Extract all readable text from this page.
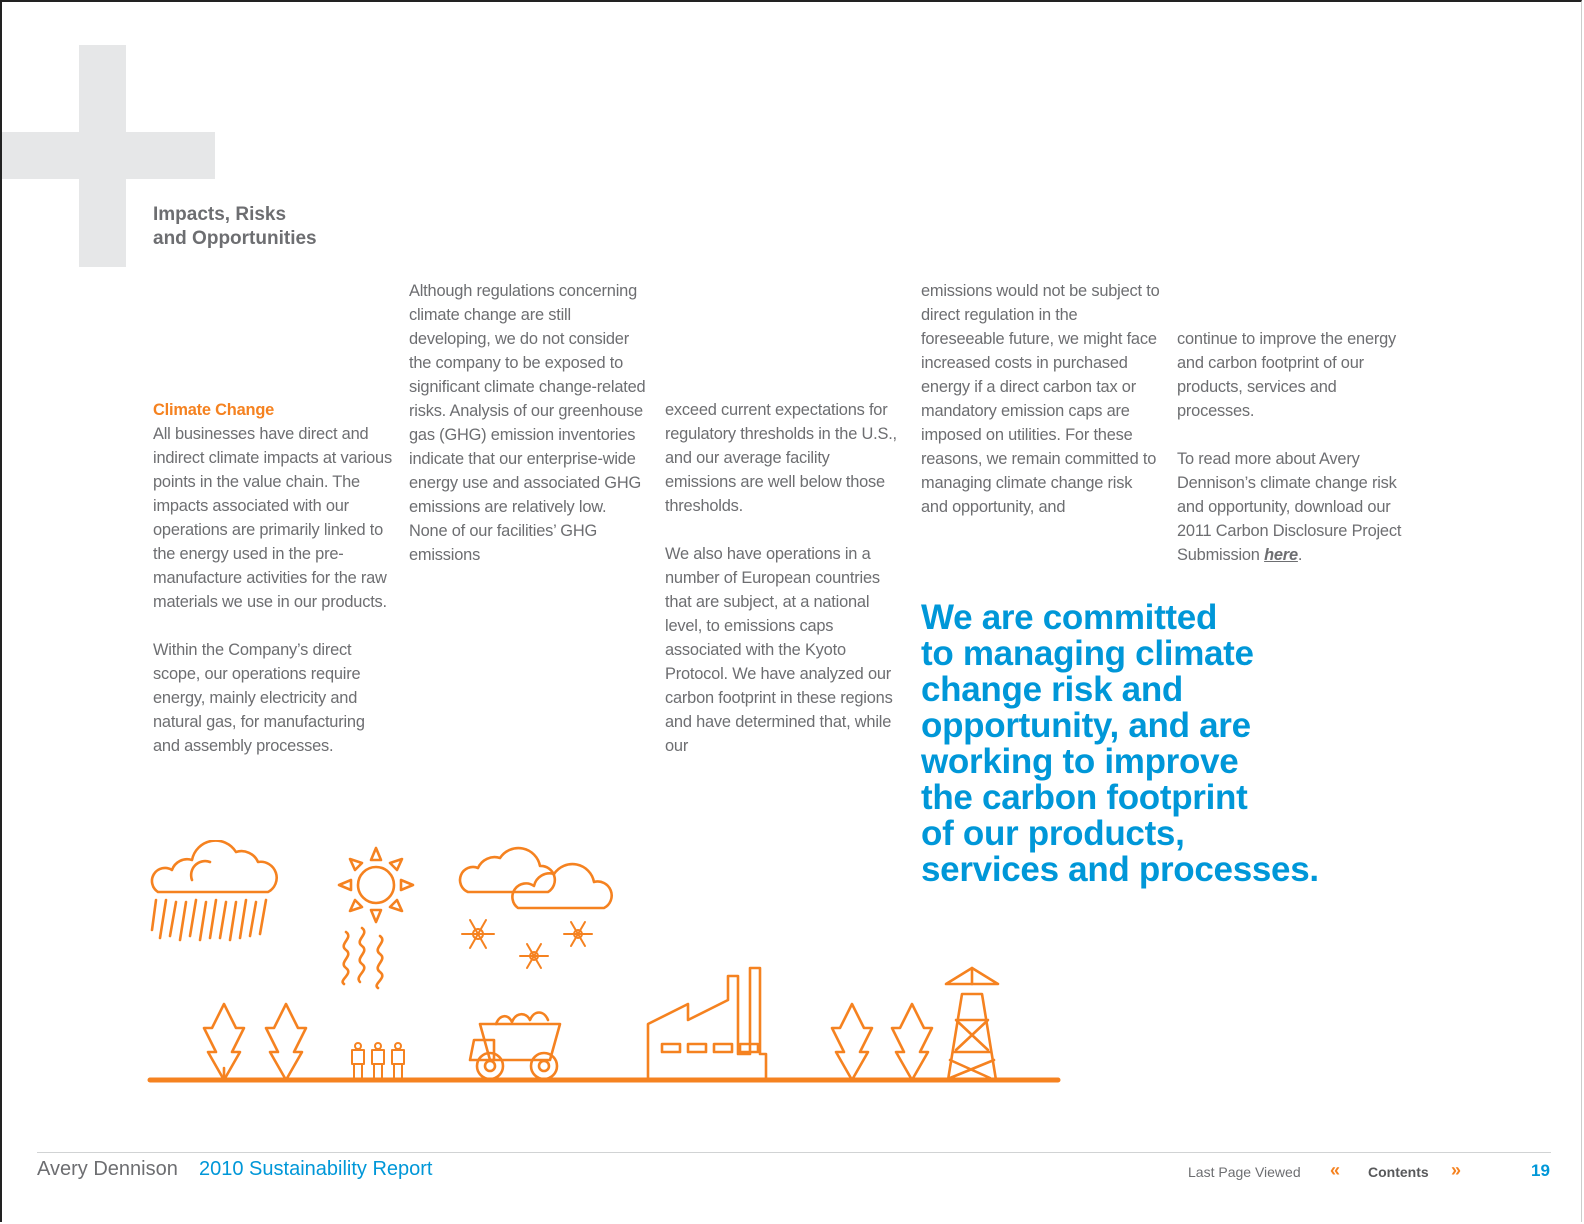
Impacts, Risks
and Opportunities

Climate Change
All businesses have direct and indirect climate impacts at various points in the value chain. The impacts associated with our operations are primarily linked to the energy used in the pre-manufacture activities for the raw materials we use in our products.

Within the Company’s direct scope, our operations require energy, mainly electricity and natural gas, for manufacturing and assembly processes.

Although regulations concerning climate change are still developing, we do not consider the company to be exposed to significant climate change-related risks. Analysis of our greenhouse gas (GHG) emission inventories indicate that our enterprise-wide energy use and associated GHG emissions are relatively low. None of our facilities’ GHG emissions

exceed current expectations for regulatory thresholds in the U.S., and our average facility emissions are well below those thresholds.

We also have operations in a number of European countries that are subject, at a national level, to emissions caps associated with the Kyoto Protocol. We have analyzed our carbon footprint in these regions and have determined that, while our

emissions would not be subject to direct regulation in the foreseeable future, we might face increased costs in purchased energy if a direct carbon tax or mandatory emission caps are imposed on utilities. For these reasons, we remain committed to managing climate change risk and opportunity, and

continue to improve the energy and carbon footprint of our products, services and processes.

To read more about Avery Dennison’s climate change risk and opportunity, download our 2011 Carbon Disclosure Project Submission here.

We are committed
to managing climate
change risk and
opportunity, and are
working to improve
the carbon footprint
of our products,
services and processes.
Avery Dennison 2010 Sustainability Report	Last Page Viewed « Contents »	19
